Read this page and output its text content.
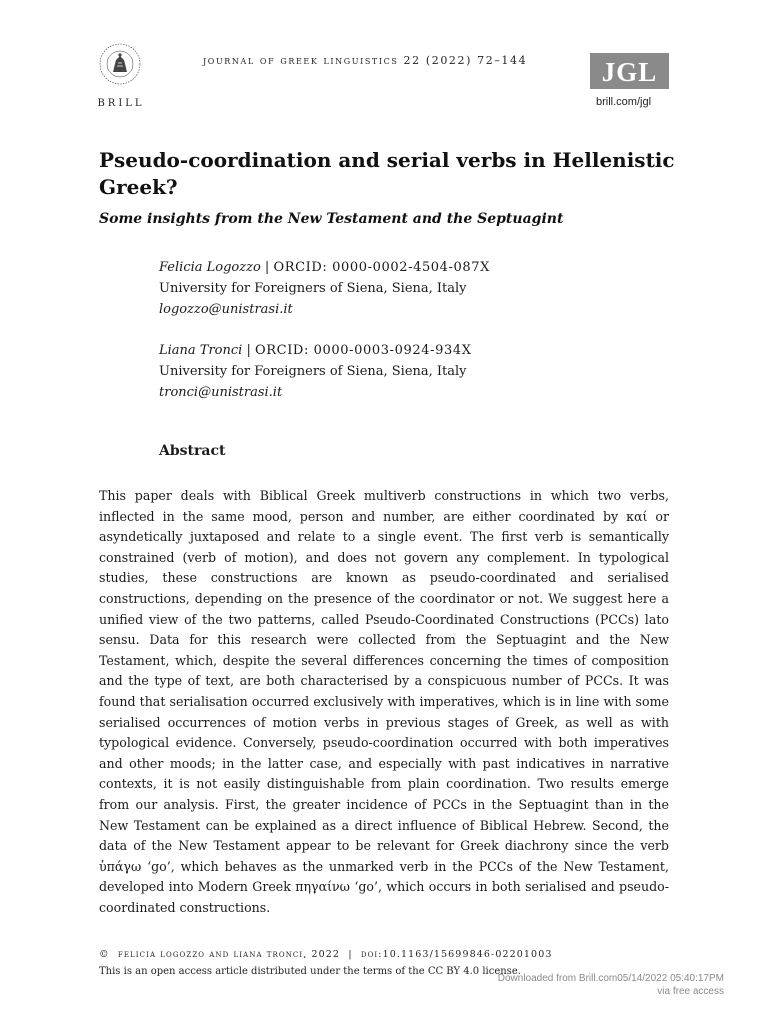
BRILL
journal of greek linguistics 22 (2022) 72–144	JGL
brill.com/jgl
Pseudo-coordination and serial verbs in Hellenistic Greek?
Some insights from the New Testament and the Septuagint
Felicia Logozzo | ORCID: 0000-0002-4504-087X
University for Foreigners of Siena, Siena, Italy
logozzo@unistrasi.it
Liana Tronci | ORCID: 0000-0003-0924-934X
University for Foreigners of Siena, Siena, Italy
tronci@unistrasi.it
Abstract

This paper deals with Biblical Greek multiverb constructions in which two verbs, inflected in the same mood, person and number, are either coordinated by καί or asyndetically juxtaposed and relate to a single event. The first verb is semantically constrained (verb of motion), and does not govern any complement. In typological studies, these constructions are known as pseudo-coordinated and serialised constructions, depending on the presence of the coordinator or not. We suggest here a unified view of the two patterns, called Pseudo-Coordinated Constructions (PCCs) lato sensu. Data for this research were collected from the Septuagint and the New Testament, which, despite the several differences concerning the times of composition and the type of text, are both characterised by a conspicuous number of PCCs. It was found that serialisation occurred exclusively with imperatives, which is in line with some serialised occurrences of motion verbs in previous stages of Greek, as well as with typological evidence. Conversely, pseudo-coordination occurred with both imperatives and other moods; in the latter case, and especially with past indicatives in narrative contexts, it is not easily distinguishable from plain coordination. Two results emerge from our analysis. First, the greater incidence of PCCs in the Septuagint than in the New Testament can be explained as a direct influence of Biblical Hebrew. Second, the data of the New Testament appear to be relevant for Greek diachrony since the verb ὑπάγω ‘go’, which behaves as the unmarked verb in the PCCs of the New Testament, developed into Modern Greek πηγαίνω ‘go’, which occurs in both serialised and pseudo-coordinated constructions.

© felicia logozzo and liana tronci, 2022 | doi:10.1163/15699846-02201003
This is an open access article distributed under the terms of the CC BY 4.0 license.
Downloaded from Brill.com05/14/2022 05:40:17PM
via free access
